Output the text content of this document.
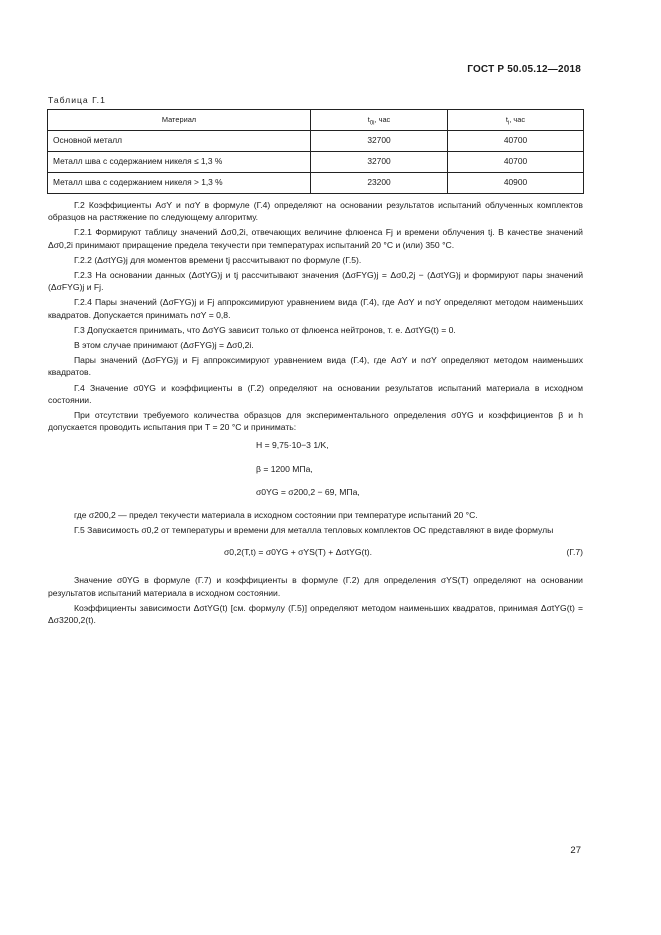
ГОСТ Р 50.05.12—2018
Таблица Г.1
Материал	$t_{0i}$, час	$t_i$, час
Основной металл	32700	40700
Металл шва с содержанием никеля ≤ 1,3 %	32700	40700
Металл шва с содержанием никеля > 1,3 %	23200	40900

Г.2 Коэффициенты AσY и nσY в формуле (Г.4) определяют на основании результатов испытаний облученных комплектов образцов на растяжение по следующему алгоритму.

Г.2.1 Формируют таблицу значений Δσ0,2i, отвечающих величине флюенса Fj и времени облучения tj. В качестве значений Δσ0,2i принимают приращение предела текучести при температурах испытаний 20 °С и (или) 350 °С.

Г.2.2 (ΔσtYG)j для моментов времени tj рассчитывают по формуле (Г.5).

Г.2.3 На основании данных (ΔσtYG)j и tj рассчитывают значения (ΔσFYG)j = Δσ0,2j − (ΔσtYG)j и формируют пары значений (ΔσFYG)j и Fj.

Г.2.4 Пары значений (ΔσFYG)j и Fj аппроксимируют уравнением вида (Г.4), где AσY и nσY определяют методом наименьших квадратов. Допускается принимать nσY = 0,8.

Г.3 Допускается принимать, что ΔσYG зависит только от флюенса нейтронов, т. е. ΔσtYG(t) = 0.

В этом случае принимают (ΔσFYG)j = Δσ0,2i.

Пары значений (ΔσFYG)j и Fj аппроксимируют уравнением вида (Г.4), где AσY и nσY определяют методом наименьших квадратов.

Г.4 Значение σ0YG и коэффициенты в (Г.2) определяют на основании результатов испытаний материала в исходном состоянии.

При отсутствии требуемого количества образцов для экспериментального определения σ0YG и коэффициентов β и h допускается проводить испытания при T = 20 °С и принимать:

H = 9,75·10−3 1/K,
β = 1200 МПа,
σ0YG = σ200,2 − 69, МПа,

где σ200,2 — предел текучести материала в исходном состоянии при температуре испытаний 20 °С.

Г.5 Зависимость σ0,2 от температуры и времени для металла тепловых комплектов ОС представляют в виде формулы

σ0,2(T,t) = σ0YG + σYS(T) + ΔσtYG(t).	(Г.7)

Значение σ0YG в формуле (Г.7) и коэффициенты в формуле (Г.2) для определения σYS(T) определяют на основании результатов испытаний материала в исходном состоянии.

Коэффициенты зависимости ΔσtYG(t) [см. формулу (Г.5)] определяют методом наименьших квадратов, принимая ΔσtYG(t) = Δσ3200,2(t).

27
